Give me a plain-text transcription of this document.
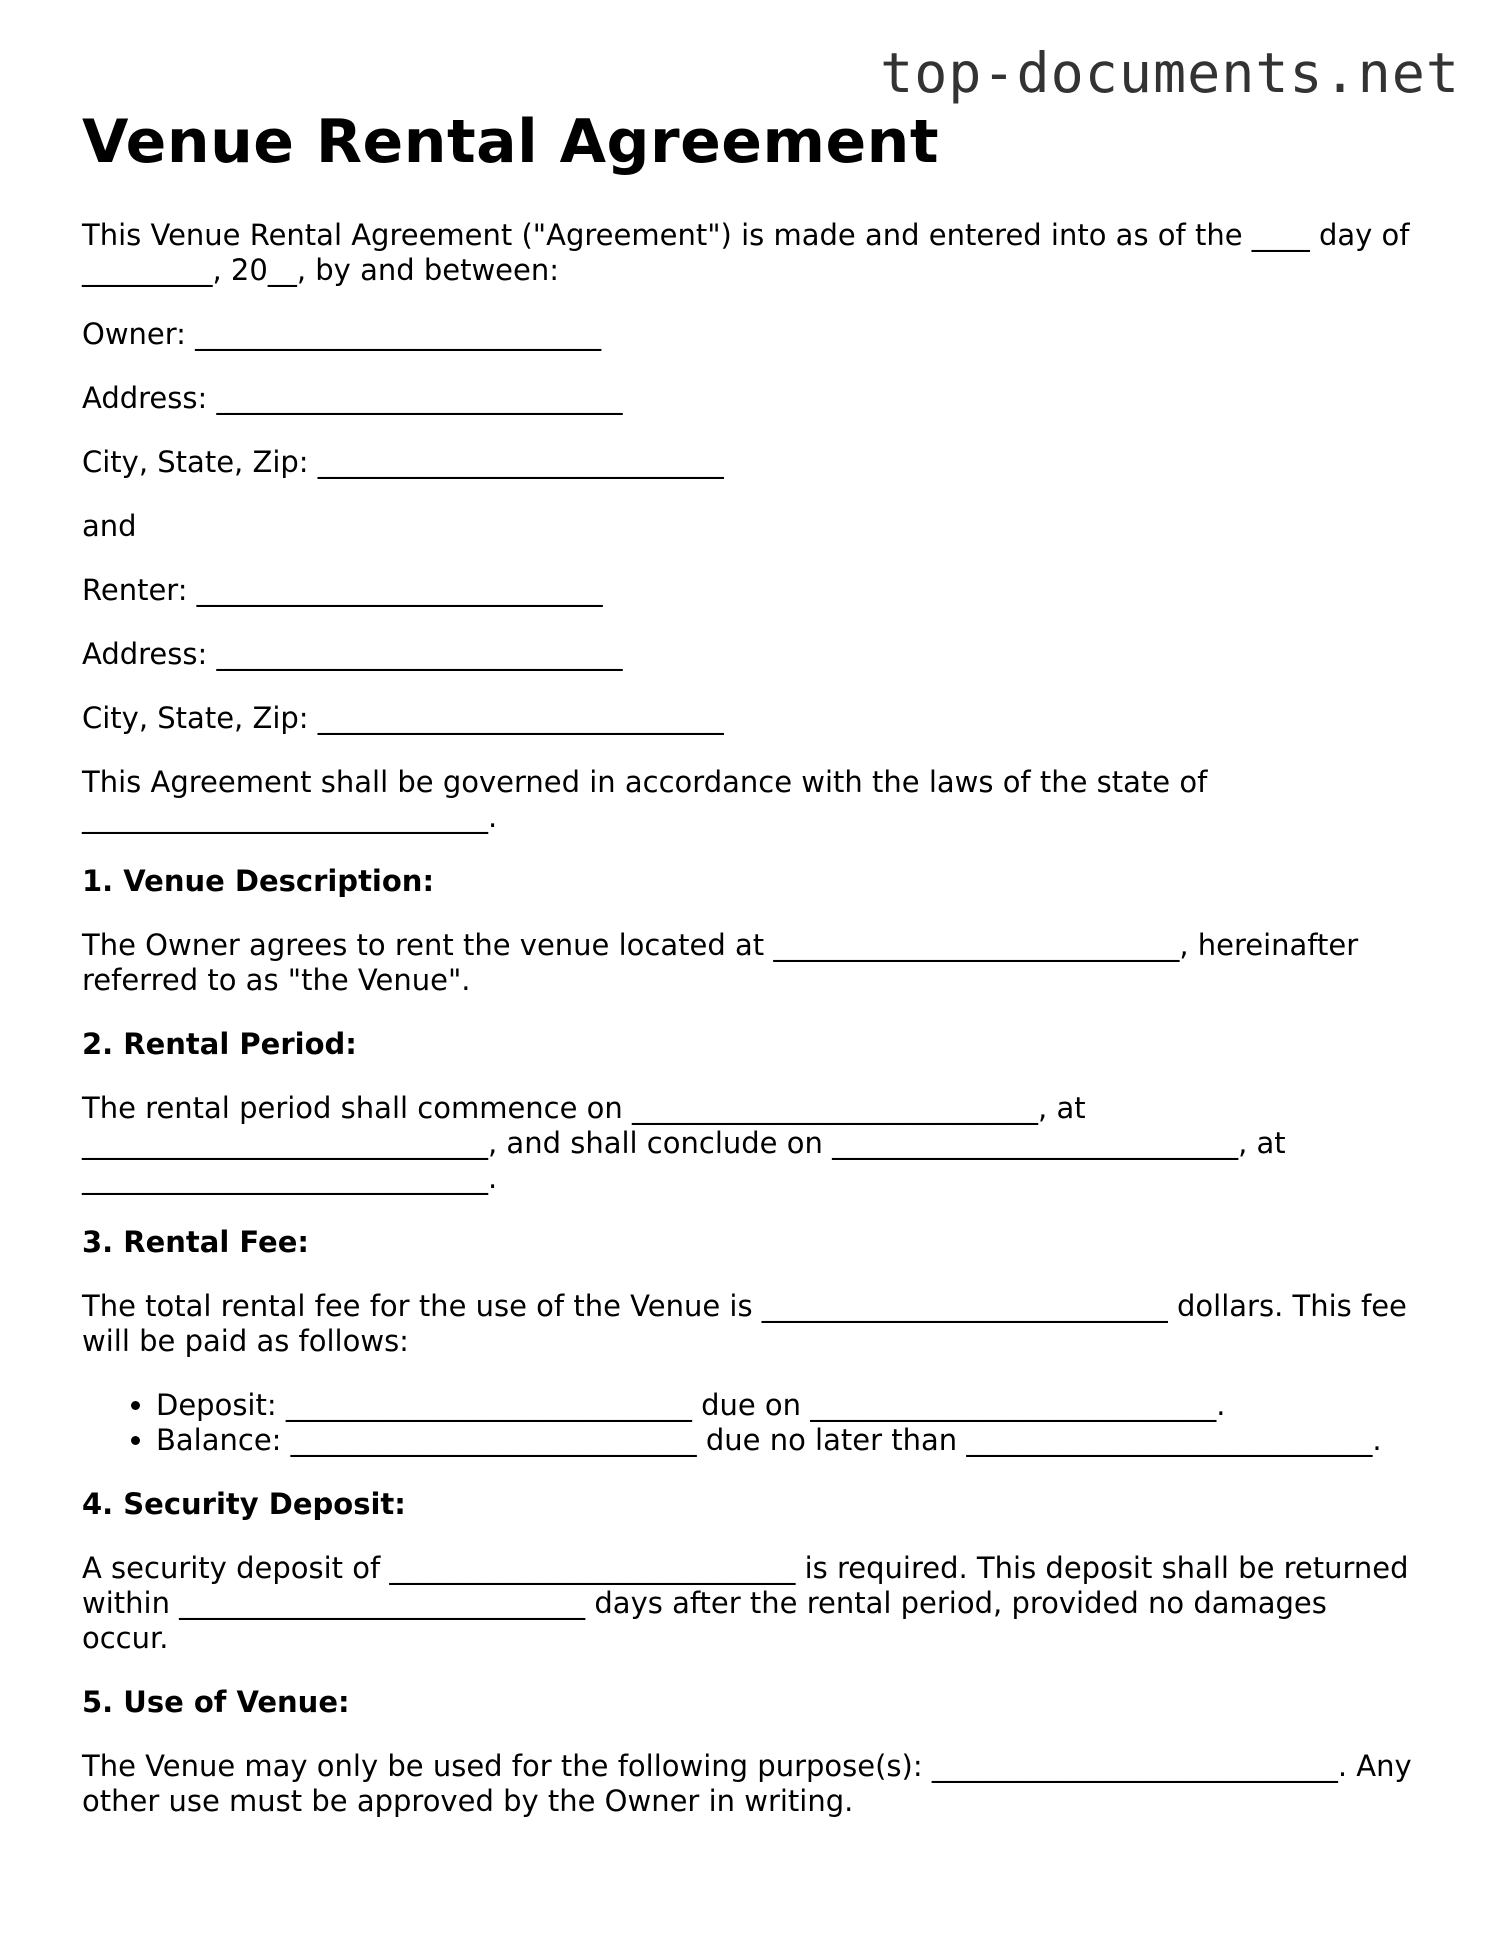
top-documents.net
Venue Rental Agreement

This Venue Rental Agreement ("Agreement") is made and entered into as of the ____ day of _________, 20__, by and between:

Owner: ____________________________

Address: ____________________________

City, State, Zip: ____________________________

and

Renter: ____________________________

Address: ____________________________

City, State, Zip: ____________________________

This Agreement shall be governed in accordance with the laws of the state of ____________________________.

1. Venue Description:

The Owner agrees to rent the venue located at ____________________________, hereinafter referred to as "the Venue".

2. Rental Period:

The rental period shall commence on ____________________________, at ____________________________, and shall conclude on ____________________________, at ____________________________.

3. Rental Fee:

The total rental fee for the use of the Venue is ____________________________ dollars. This fee will be paid as follows:

• Deposit: ____________________________ due on ____________________________.
• Balance: ____________________________ due no later than ____________________________.
4. Security Deposit:

A security deposit of ____________________________ is required. This deposit shall be returned within ____________________________ days after the rental period, provided no damages occur.

5. Use of Venue:

The Venue may only be used for the following purpose(s): ____________________________. Any other use must be approved by the Owner in writing.
